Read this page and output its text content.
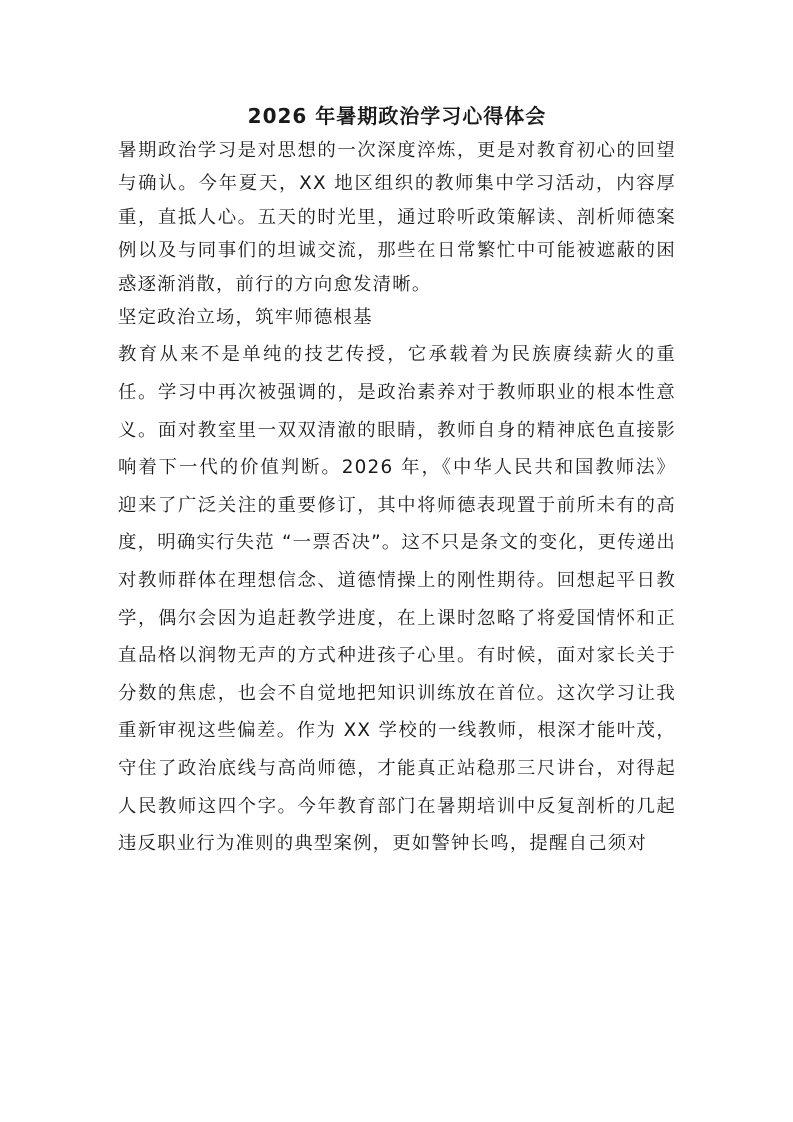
2026 年暑期政治学习心得体会

暑期政治学习是对思想的一次深度淬炼，更是对教育初心的回望与确认。今年夏天，XX 地区组织的教师集中学习活动，内容厚重，直抵人心。五天的时光里，通过聆听政策解读、剖析师德案例以及与同事们的坦诚交流，那些在日常繁忙中可能被遮蔽的困惑逐渐消散，前行的方向愈发清晰。

坚定政治立场，筑牢师德根基

教育从来不是单纯的技艺传授，它承载着为民族赓续薪火的重任。学习中再次被强调的，是政治素养对于教师职业的根本性意义。面对教室里一双双清澈的眼睛，教师自身的精神底色直接影响着下一代的价值判断。2026 年，《中华人民共和国教师法》迎来了广泛关注的重要修订，其中将师德表现置于前所未有的高度，明确实行失范 “一票否决”。这不只是条文的变化，更传递出对教师群体在理想信念、道德情操上的刚性期待。回想起平日教学，偶尔会因为追赶教学进度，在上课时忽略了将爱国情怀和正直品格以润物无声的方式种进孩子心里。有时候，面对家长关于分数的焦虑，也会不自觉地把知识训练放在首位。这次学习让我重新审视这些偏差。作为 XX 学校的一线教师，根深才能叶茂，守住了政治底线与高尚师德，才能真正站稳那三尺讲台，对得起人民教师这四个字。今年教育部门在暑期培训中反复剖析的几起违反职业行为准则的典型案例，更如警钟长鸣，提醒自己须对
